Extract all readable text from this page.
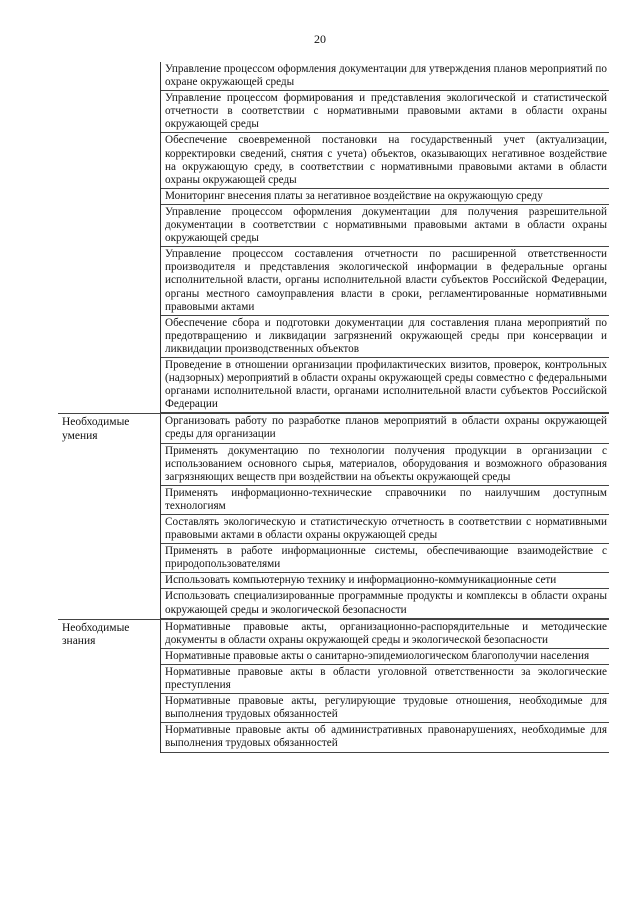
20
Управление процессом оформления документации для утверждения планов мероприятий по охране окружающей среды
Управление процессом формирования и представления экологической и статистической отчетности в соответствии с нормативными правовыми актами в области охраны окружающей среды
Обеспечение своевременной постановки на государственный учет (актуализации, корректировки сведений, снятия с учета) объектов, оказывающих негативное воздействие на окружающую среду, в соответствии с нормативными правовыми актами в области охраны окружающей среды
Мониторинг внесения платы за негативное воздействие на окружающую среду
Управление процессом оформления документации для получения разрешительной документации в соответствии с нормативными правовыми актами в области охраны окружающей среды
Управление процессом составления отчетности по расширенной ответственности производителя и представления экологической информации в федеральные органы исполнительной власти, органы исполнительной власти субъектов Российской Федерации, органы местного самоуправления власти в сроки, регламентированные нормативными правовыми актами
Обеспечение сбора и подготовки документации для составления плана мероприятий по предотвращению и ликвидации загрязнений окружающей среды при консервации и ликвидации производственных объектов
Проведение в отношении организации профилактических визитов, проверок, контрольных (надзорных) мероприятий в области охраны окружающей среды совместно с федеральными органами исполнительной власти, органами исполнительной власти субъектов Российской Федерации
Необходимые умения
Организовать работу по разработке планов мероприятий в области охраны окружающей среды для организации
Применять документацию по технологии получения продукции в организации с использованием основного сырья, материалов, оборудования и возможного образования загрязняющих веществ при воздействии на объекты окружающей среды
Применять информационно-технические справочники по наилучшим доступным технологиям
Составлять экологическую и статистическую отчетность в соответствии с нормативными правовыми актами в области охраны окружающей среды
Применять в работе информационные системы, обеспечивающие взаимодействие с природопользователями
Использовать компьютерную технику и информационно-коммуникационные сети
Использовать специализированные программные продукты и комплексы в области охраны окружающей среды и экологической безопасности
Необходимые знания
Нормативные правовые акты, организационно-распорядительные и методические документы в области охраны окружающей среды и экологической безопасности
Нормативные правовые акты о санитарно-эпидемиологическом благополучии населения
Нормативные правовые акты в области уголовной ответственности за экологические преступления
Нормативные правовые акты, регулирующие трудовые отношения, необходимые для выполнения трудовых обязанностей
Нормативные правовые акты об административных правонарушениях, необходимые для выполнения трудовых обязанностей
